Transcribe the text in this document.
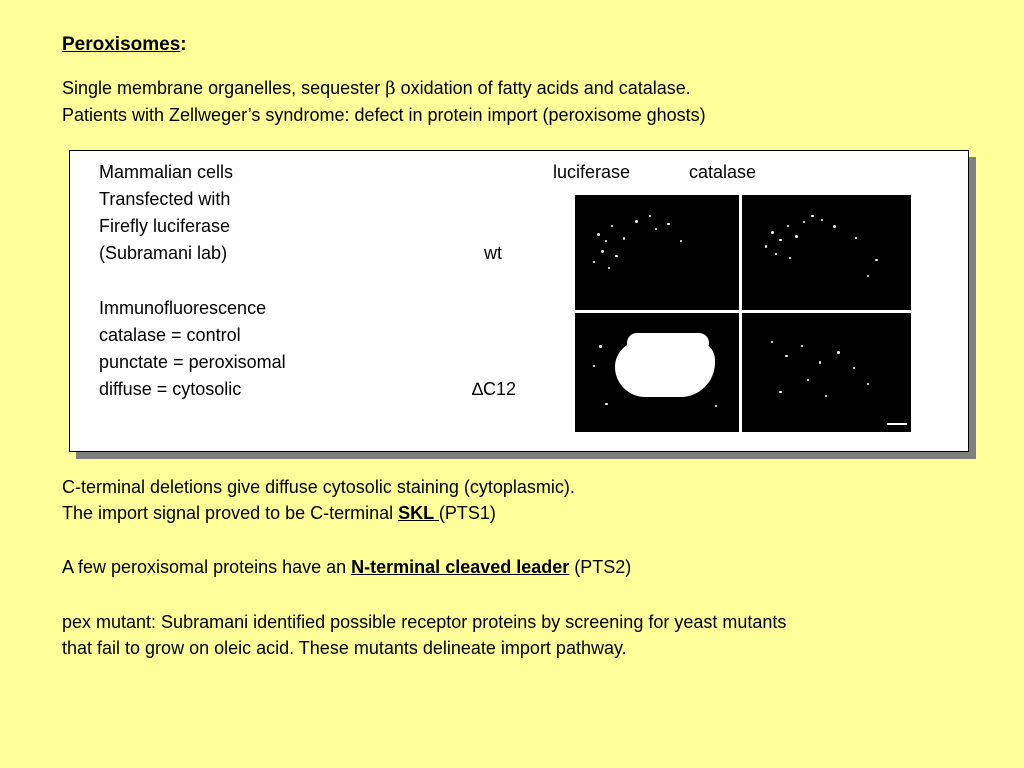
Peroxisomes:
Single membrane organelles, sequester β oxidation of fatty acids and catalase.
Patients with Zellweger’s syndrome: defect in protein import (peroxisome ghosts)
Mammalian cells
Transfected with
Firefly luciferase
(Subramani lab)
Immunofluorescence
catalase = control
punctate = peroxisomal
diffuse = cytosolic
wt
∆C12
luciferase	catalase
C-terminal deletions give diffuse cytosolic staining (cytoplasmic).
The import signal proved to be C-terminal SKL (PTS1)
A few peroxisomal proteins have an N-terminal cleaved leader (PTS2)
pex mutant: Subramani identified possible receptor proteins by screening for yeast mutants
that fail to grow on oleic acid. These mutants delineate import pathway.
